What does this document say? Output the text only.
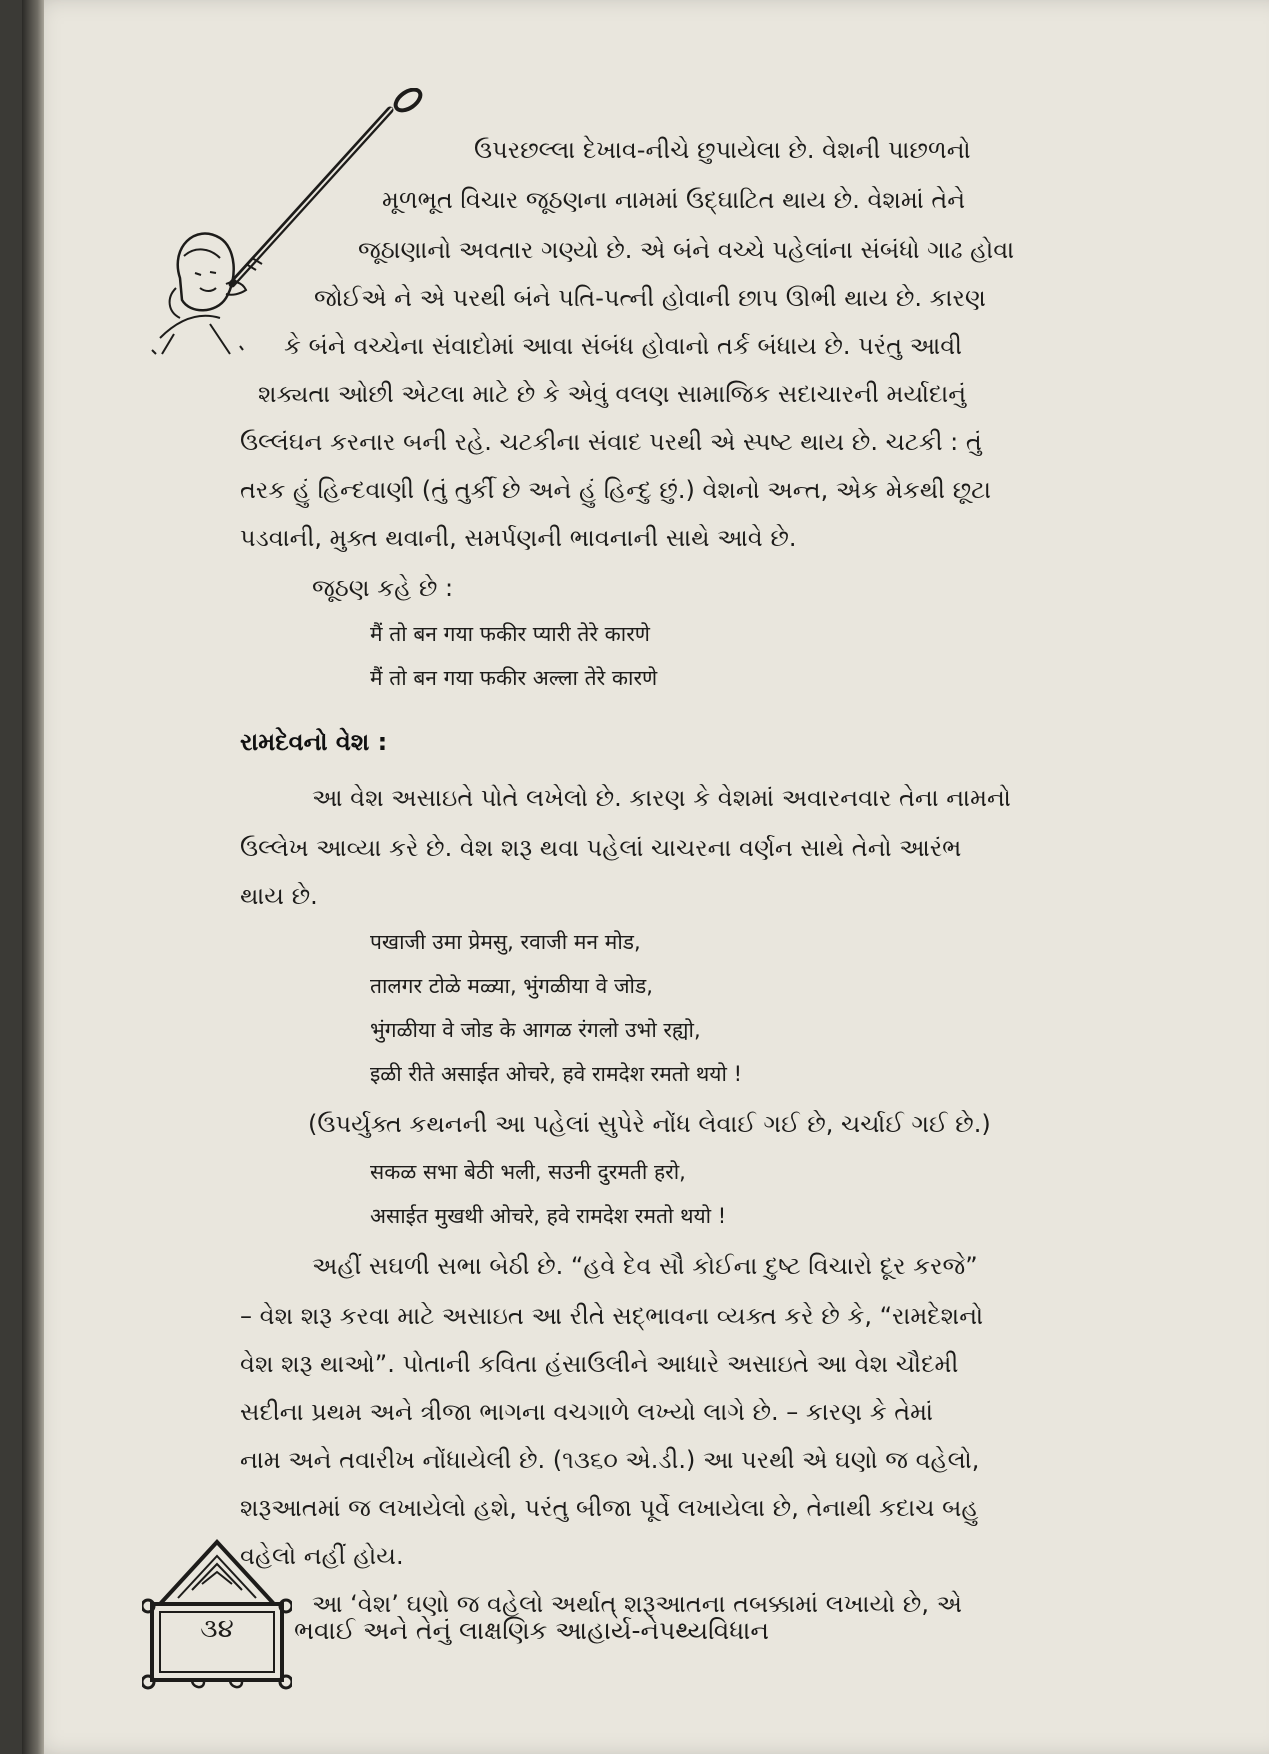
ઉપરછલ્લા દેખાવ-નીચે છુપાયેલા છે. વેશની પાછળનો
મૂળભૂત વિચાર જૂઠણના નામમાં ઉદ્‌ઘાટિત થાય છે. વેશમાં તેને
જૂઠાણાનો અવતાર ગણ્યો છે. એ બંને વચ્ચે પહેલાંના સંબંધો ગાઢ હોવા
જોઈએ ને એ પરથી બંને પતિ-પત્ની હોવાની છાપ ઊભી થાય છે. કારણ
કે બંને વચ્ચેના સંવાદોમાં આવા સંબંધ હોવાનો તર્ક બંધાય છે. પરંતુ આવી
શક્યતા ઓછી એટલા માટે છે કે એવું વલણ સામાજિક સદાચારની મર્યાદાનું
ઉલ્લંઘન કરનાર બની રહે. ચટકીના સંવાદ પરથી એ સ્પષ્ટ થાય છે. ચટકી : તું
તરક હું હિન્દવાણી (તું તુર્કી છે અને હું હિન્દુ છું.) વેશનો અન્ત, એક મેકથી છૂટા
પડવાની, મુક્ત થવાની, સમર્પણની ભાવનાની સાથે આવે છે.
જૂઠણ કહે છે :
मैं तो बन गया फकीर प्यारी तेरे कारणे
मैं तो बन गया फकीर अल्ला तेरे कारणे
રામદેવનો વેશ :
આ વેશ અસાઇતે પોતે લખેલો છે. કારણ કે વેશમાં અવારનવાર તેના નામનો
ઉલ્લેખ આવ્યા કરે છે. વેશ શરૂ થવા પહેલાં ચાચરના વર્ણન સાથે તેનો આરંભ
થાય છે.
पखाजी उमा प्रेमसु, रवाजी मन मोड,
तालगर टोळे मळ्या, भुंगळीया वे जोड,
भुंगळीया वे जोड के आगळ रंगलो उभो रह्यो,
इळी रीते असाईत ओचरे, हवे रामदेश रमतो थयो !
(ઉપર્યુક્ત કથનની આ પહેલાં સુપેરે નોંધ લેવાઈ ગઈ છે, ચર્ચાઈ ગઈ છે.)
सकळ सभा बेठी भली, सउनी दुरमती हरो,
असाईत मुखथी ओचरे, हवे रामदेश रमतो थयो !
અહીં સઘળી સભા બેઠી છે. “હવે દેવ સૌ કોઈના દુષ્ટ વિચારો દૂર કરજે”
– વેશ શરૂ કરવા માટે અસાઇત આ રીતે સદ્‌ભાવના વ્યક્ત કરે છે કે, “રામદેશનો
વેશ શરૂ થાઓ”. પોતાની કવિતા હંસાઉલીને આધારે અસાઇતે આ વેશ ચૌદમી
સદીના પ્રથમ અને ત્રીજા ભાગના વચગાળે લખ્યો લાગે છે. – કારણ કે તેમાં
નામ અને તવારીખ નોંધાયેલી છે. (૧૩૬૦ એ.ડી.) આ પરથી એ ઘણો જ વહેલો,
શરૂઆતમાં જ લખાયેલો હશે, પરંતુ બીજા પૂર્વે લખાયેલા છે, તેનાથી કદાચ બહુ
વહેલો નહીં હોય.
આ ‘વેશ’ ઘણો જ વહેલો અર્થાત્ શરૂઆતના તબક્કામાં લખાયો છે, એ
૩૪	ભવાઈ અને તેનું લાક્ષણિક આહાર્ય-નેપથ્યવિધાન
